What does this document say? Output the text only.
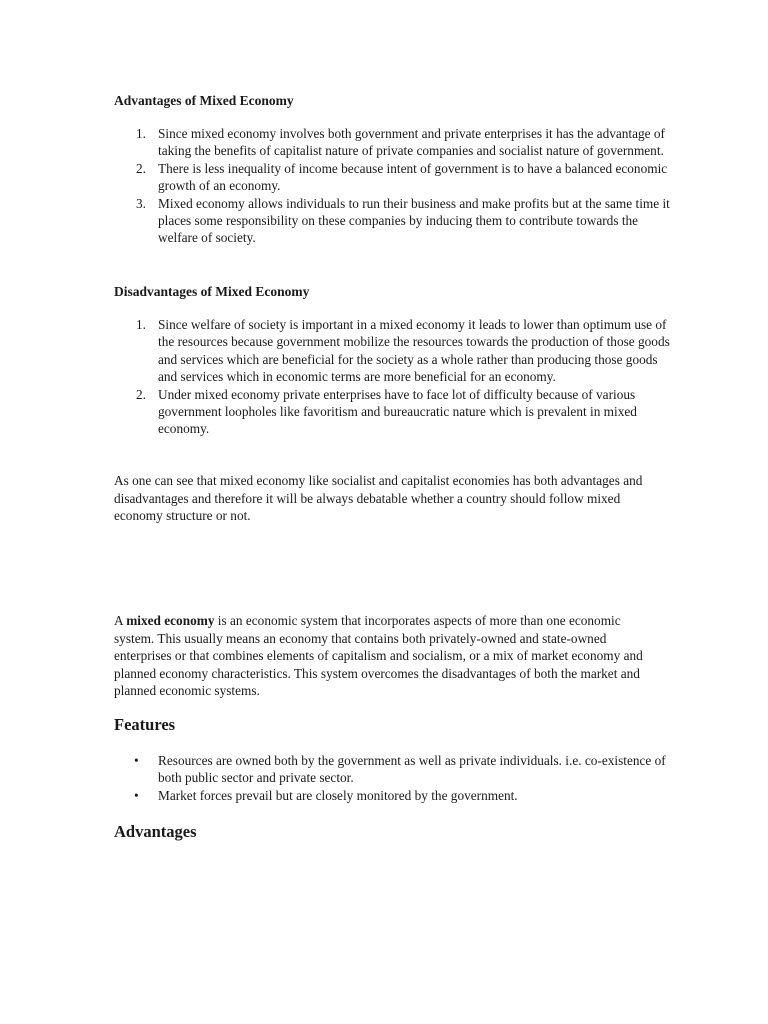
Advantages of Mixed Economy

1. Since mixed economy involves both government and private enterprises it has the advantage of taking the benefits of capitalist nature of private companies and socialist nature of government.
2. There is less inequality of income because intent of government is to have a balanced economic growth of an economy.
3. Mixed economy allows individuals to run their business and make profits but at the same time it places some responsibility on these companies by inducing them to contribute towards the welfare of society.

Disadvantages of Mixed Economy

1. Since welfare of society is important in a mixed economy it leads to lower than optimum use of the resources because government mobilize the resources towards the production of those goods and services which are beneficial for the society as a whole rather than producing those goods and services which in economic terms are more beneficial for an economy.
2. Under mixed economy private enterprises have to face lot of difficulty because of various government loopholes like favoritism and bureaucratic nature which is prevalent in mixed economy.

As one can see that mixed economy like socialist and capitalist economies has both advantages and disadvantages and therefore it will be always debatable whether a country should follow mixed economy structure or not.

A mixed economy is an economic system that incorporates aspects of more than one economic system. This usually means an economy that contains both privately-owned and state-owned enterprises or that combines elements of capitalism and socialism, or a mix of market economy and planned economy characteristics. This system overcomes the disadvantages of both the market and planned economic systems.

Features

• Resources are owned both by the government as well as private individuals. i.e. co-existence of both public sector and private sector.
• Market forces prevail but are closely monitored by the government.

Advantages
